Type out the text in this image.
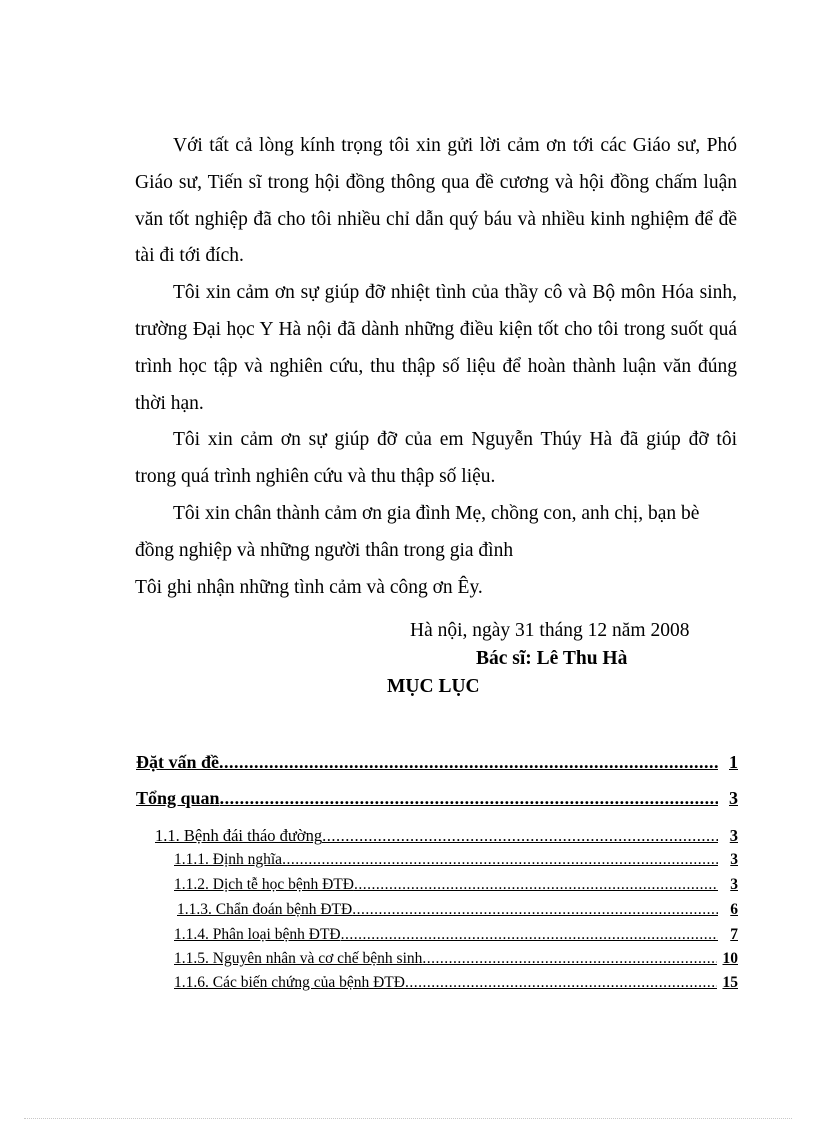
Với tất cả lòng kính trọng tôi xin gửi lời cảm ơn tới các Giáo sư, Phó Giáo sư, Tiến sĩ trong hội đồng thông qua đề cương và hội đồng chấm luận văn tốt nghiệp đã cho tôi nhiều chỉ dẫn quý báu và nhiều kinh nghiệm để đề tài đi tới đích.

Tôi xin cảm ơn sự giúp đỡ nhiệt tình của thầy cô và Bộ môn Hóa sinh, trường Đại học Y Hà nội đã dành những điều kiện tốt cho tôi trong suốt quá trình học tập và nghiên cứu, thu thập số liệu để hoàn thành luận văn đúng thời hạn.

Tôi xin cảm ơn sự giúp đỡ của em Nguyễn Thúy Hà đã giúp đỡ tôi trong quá trình nghiên cứu và thu thập số liệu.

Tôi xin chân thành cảm ơn gia đình Mẹ, chồng con, anh chị, bạn bè đồng nghiệp và những người thân trong gia đình

Tôi ghi nhận những tình cảm và công ơn Êy.

Hà nội, ngày 31 tháng 12 năm 2008
Bác sĩ: Lê Thu Hà
MỤC LỤC
Đặt vấn đề .....	1
Tổng quan .....	3
1.1. Bệnh đái tháo đường .....	3
1.1.1. Định nghĩa .....	3
1.1.2. Dịch tễ học bệnh ĐTĐ .....	3
1.1.3. Chẩn đoán bệnh ĐTĐ .....	6
1.1.4. Phân loại bệnh ĐTĐ .....	7
1.1.5. Nguyên nhân và cơ chế bệnh sinh .....	10
1.1.6. Các biến chứng của bệnh ĐTĐ .....	15
